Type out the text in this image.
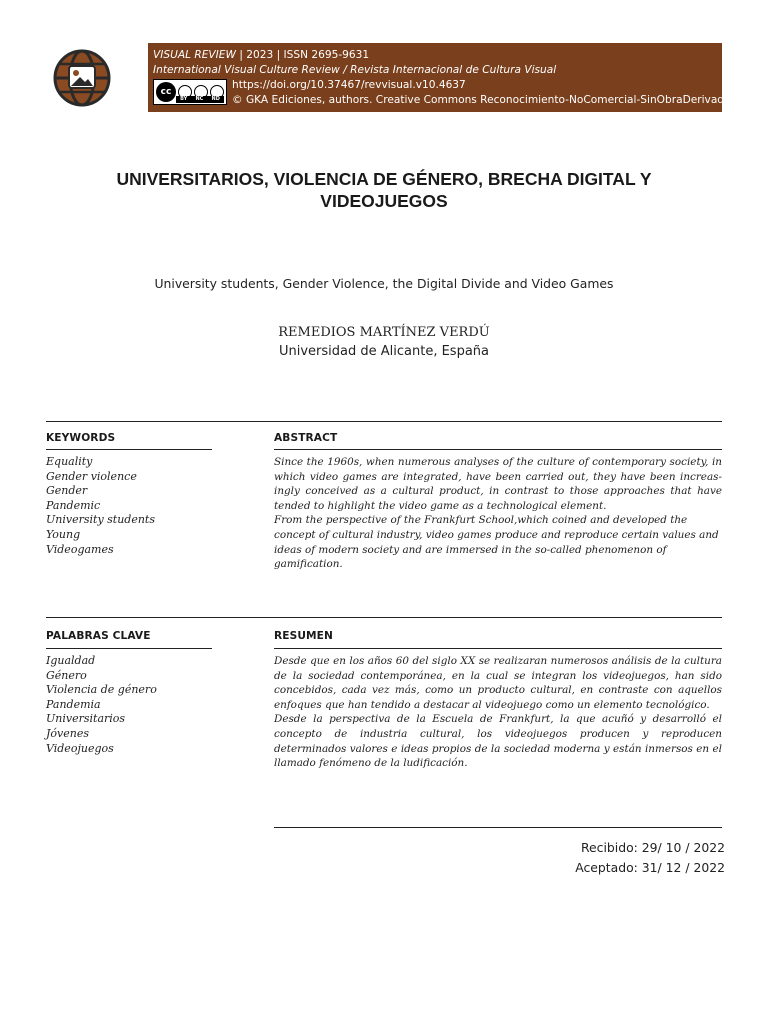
VISUAL REVIEW | 2023 | ISSN 2695-9631
International Visual Culture Review / Revista Internacional de Cultura Visual
cc
BY NC ND
https://doi.org/10.37467/revvisual.v10.4637
© GKA Ediciones, authors. Creative Commons Reconocimiento-NoComercial-SinObraDerivada
UNIVERSITARIOS, VIOLENCIA DE GÉNERO, BRECHA DIGITAL Y VIDEOJUEGOS
University students, Gender Violence, the Digital Divide and Video Games
REMEDIOS MARTÍNEZ VERDÚ
Universidad de Alicante, España
KEYWORDS	ABSTRACT
Equality
Gender violence
Gender
Pandemic
University students
Young
Videogames

Since the 1960s, when numerous analyses of the culture of contemporary society, in which video games are integrated, have been carried out, they have been increas-ingly conceived as a cultural product, in contrast to those approaches that have tended to highlight the video game as a technological element.

From the perspective of the Frankfurt School,which coined and developed the concept of cultural industry, video games produce and reproduce certain values and ideas of modern society and are immersed in the so-called phenomenon of gamification.

PALABRAS CLAVE	RESUMEN
Igualdad
Género
Violencia de género
Pandemia
Universitarios
Jóvenes
Videojuegos

Desde que en los años 60 del siglo XX se realizaran numerosos análisis de la cultura de la sociedad contemporánea, en la cual se integran los videojuegos, han sido concebidos, cada vez más, como un producto cultural, en contraste con aquellos enfoques que han tendido a destacar al videojuego como un elemento tecnológico.

Desde la perspectiva de la Escuela de Frankfurt, la que acuñó y desarrolló el concepto de industria cultural, los videojuegos producen y reproducen determinados valores e ideas propios de la sociedad moderna y están inmersos en el llamado fenómeno de la ludificación.

Recibido: 29/ 10 / 2022
Aceptado: 31/ 12 / 2022
